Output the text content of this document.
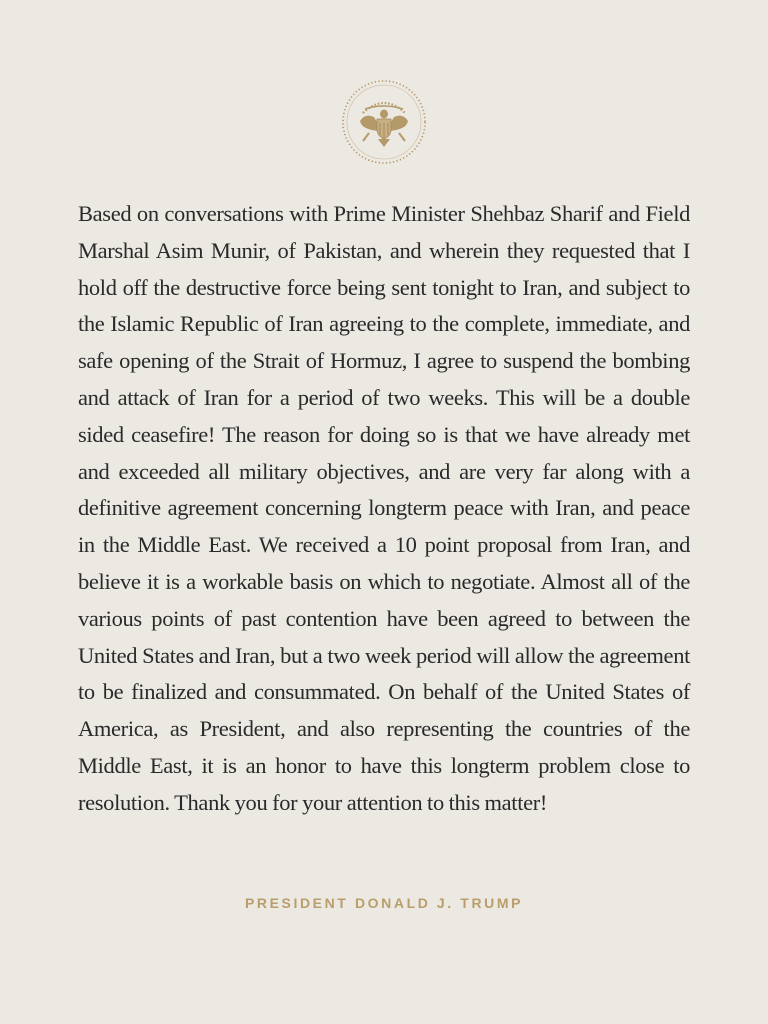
Based on conversations with Prime Minister Shehbaz Sharif and Field Marshal Asim Munir, of Pakistan, and wherein they requested that I hold off the destructive force being sent tonight to Iran, and subject to the Islamic Republic of Iran agreeing to the complete, immediate, and safe opening of the Strait of Hormuz, I agree to suspend the bombing and attack of Iran for a period of two weeks. This will be a double sided ceasefire! The reason for doing so is that we have already met and exceeded all military objectives, and are very far along with a definitive agreement concerning longterm peace with Iran, and peace in the Middle East. We received a 10 point proposal from Iran, and believe it is a workable basis on which to negotiate. Almost all of the various points of past contention have been agreed to between the United States and Iran, but a two week period will allow the agreement to be finalized and consummated. On behalf of the United States of America, as President, and also representing the countries of the Middle East, it is an honor to have this longterm problem close to resolution. Thank you for your attention to this matter!

PRESIDENT DONALD J. TRUMP
